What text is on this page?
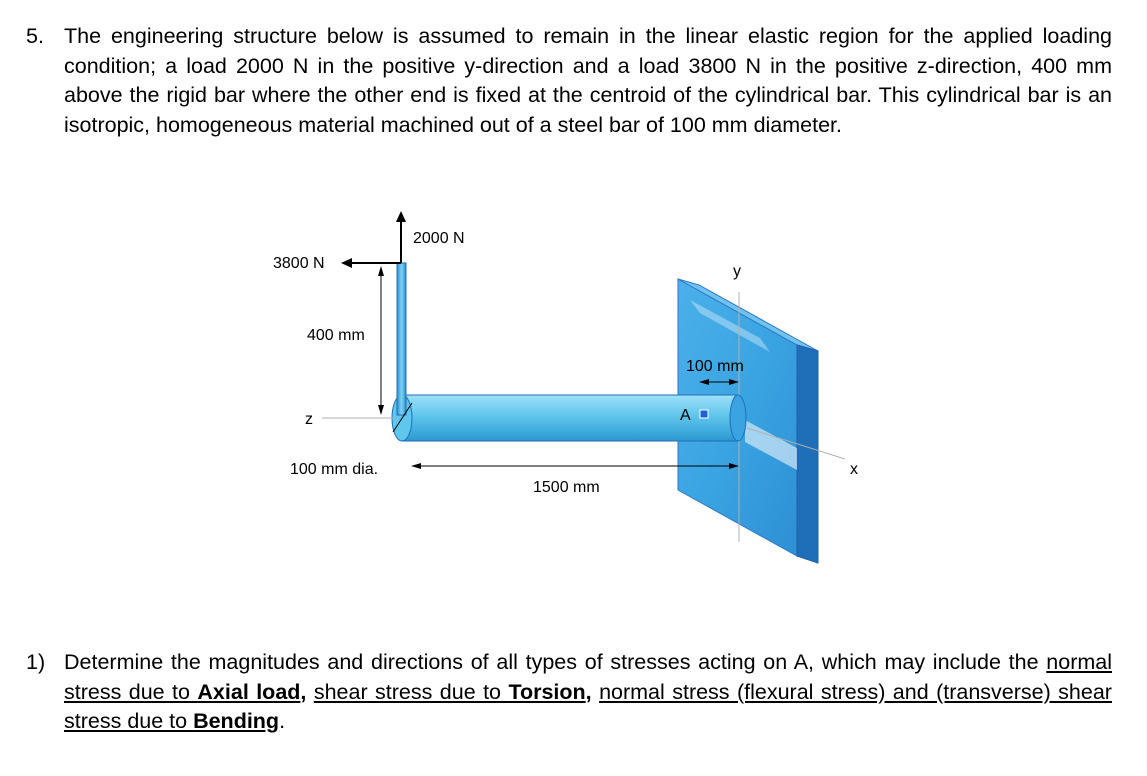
5. The engineering structure below is assumed to remain in the linear elastic region for the applied loading condition; a load 2000 N in the positive y-direction and a load 3800 N in the positive z-direction, 400 mm above the rigid bar where the other end is fixed at the centroid of the cylindrical bar. This cylindrical bar is an isotropic, homogeneous material machined out of a steel bar of 100 mm diameter.
2000 N
3800 N
400 mm
z
y
x
100 mm dia.
1500 mm
100 mm
A
1) Determine the magnitudes and directions of all types of stresses acting on A, which may include the normal stress due to Axial load, shear stress due to Torsion, normal stress (flexural stress) and (transverse) shear stress due to Bending.
